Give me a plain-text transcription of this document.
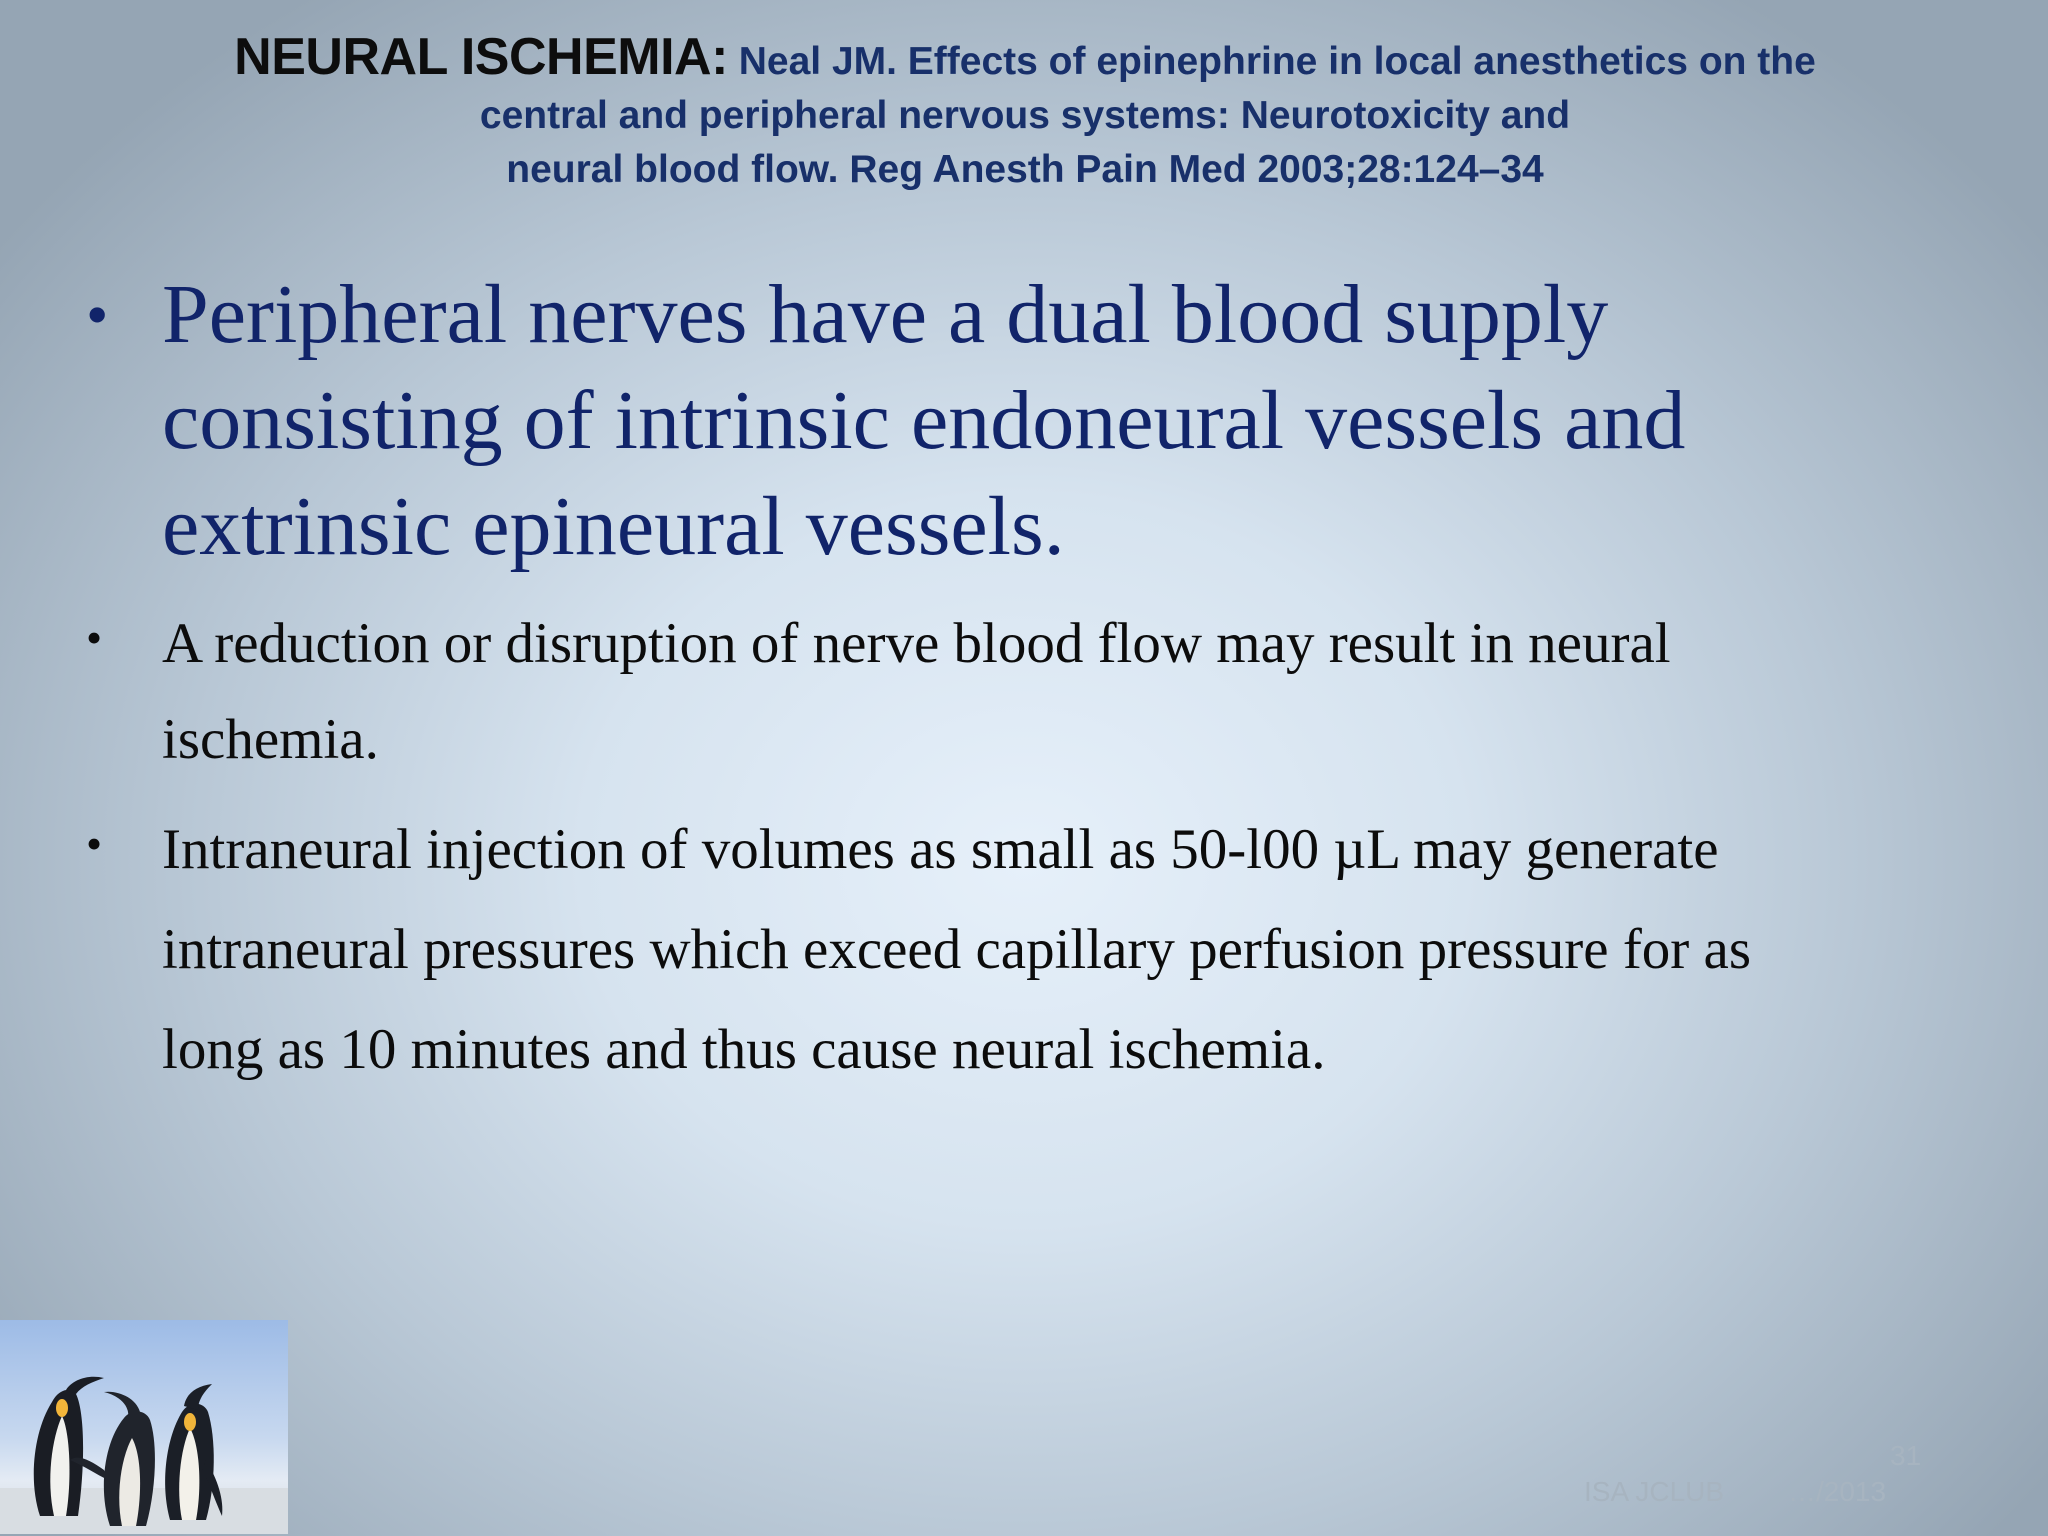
NEURAL ISCHEMIA: Neal JM. Effects of epinephrine in local anesthetics on the
central and peripheral nervous systems: Neurotoxicity and
neural blood flow. Reg Anesth Pain Med 2003;28:124–34
• Peripheral nerves have a dual blood supply
consisting of intrinsic endoneural vessels and
extrinsic epineural vessels.
• A reduction or disruption of nerve blood flow may result in neural
ischemia.
• Intraneural injection of volumes as small as 50-l00 µL may generate
intraneural pressures which exceed capillary perfusion pressure for as
long as 10 minutes and thus cause neural ischemia.
ISA JCLUB …/2013
31
